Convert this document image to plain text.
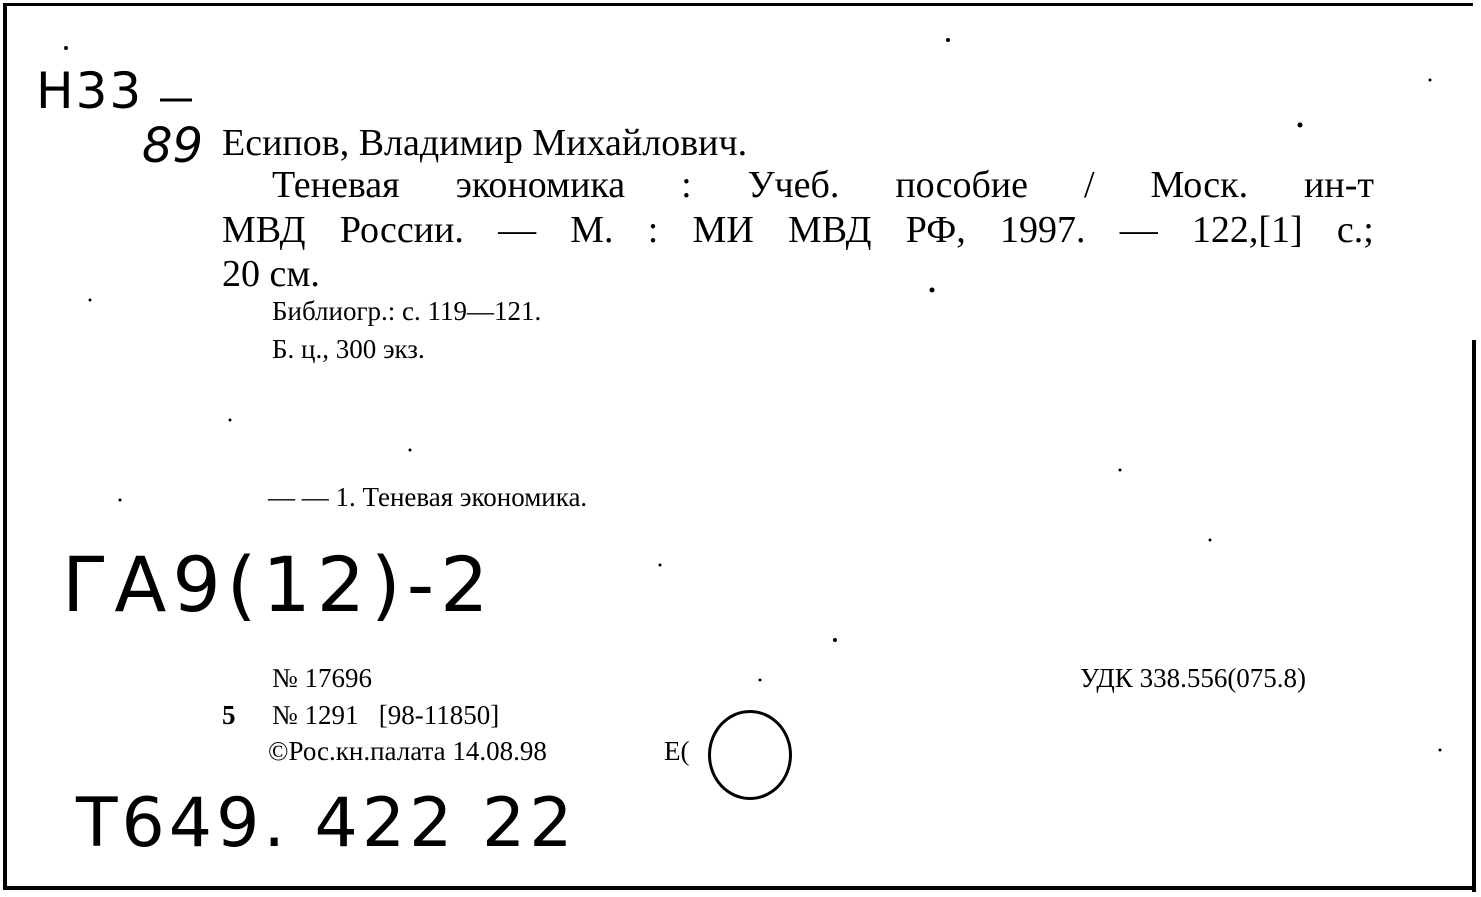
Н33
89
ГА9(12)-2
Т649. 422 22
Есипов, Владимир Михайлович.
Теневая экономика : Учеб. пособие / Моск. ин-т
МВД России. — М. : МИ МВД РФ, 1997. — 122,[1] с.;
20 см.
Библиогр.: с. 119—121.
Б. ц., 300 экз.
— — 1. Теневая экономика.
№ 17696	УДК 338.556(075.8)
5 № 1291   [98-11850]
©Рос.кн.палата 14.08.98	Е(
